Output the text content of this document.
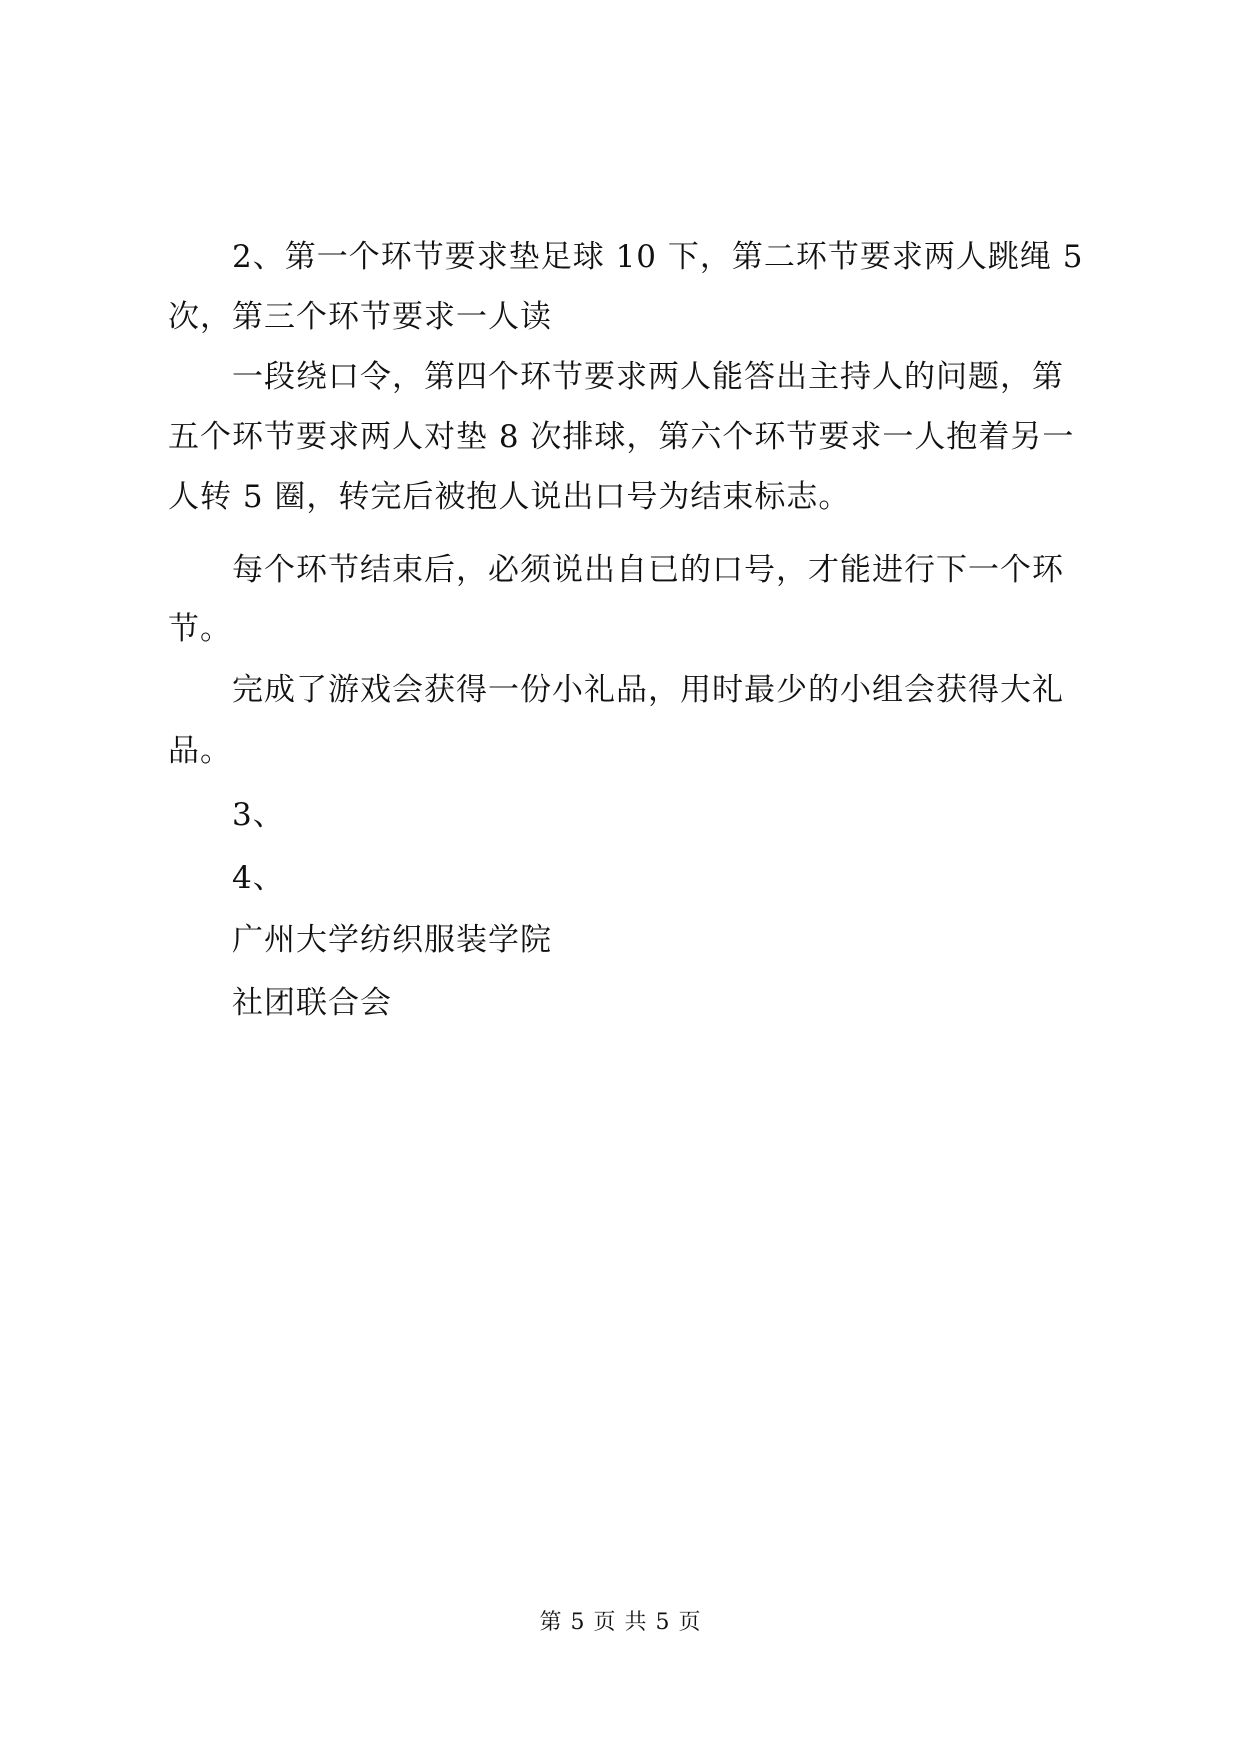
2、第一个环节要求垫足球 10 下，第二环节要求两人跳绳 5
次，第三个环节要求一人读
一段绕口令，第四个环节要求两人能答出主持人的问题，第
五个环节要求两人对垫 8 次排球，第六个环节要求一人抱着另一
人转 5 圈，转完后被抱人说出口号为结束标志。
每个环节结束后，必须说出自已的口号，才能进行下一个环
节。
完成了游戏会获得一份小礼品，用时最少的小组会获得大礼
品。
3、
4、
广州大学纺织服装学院
社团联合会
第 5 页 共 5 页
